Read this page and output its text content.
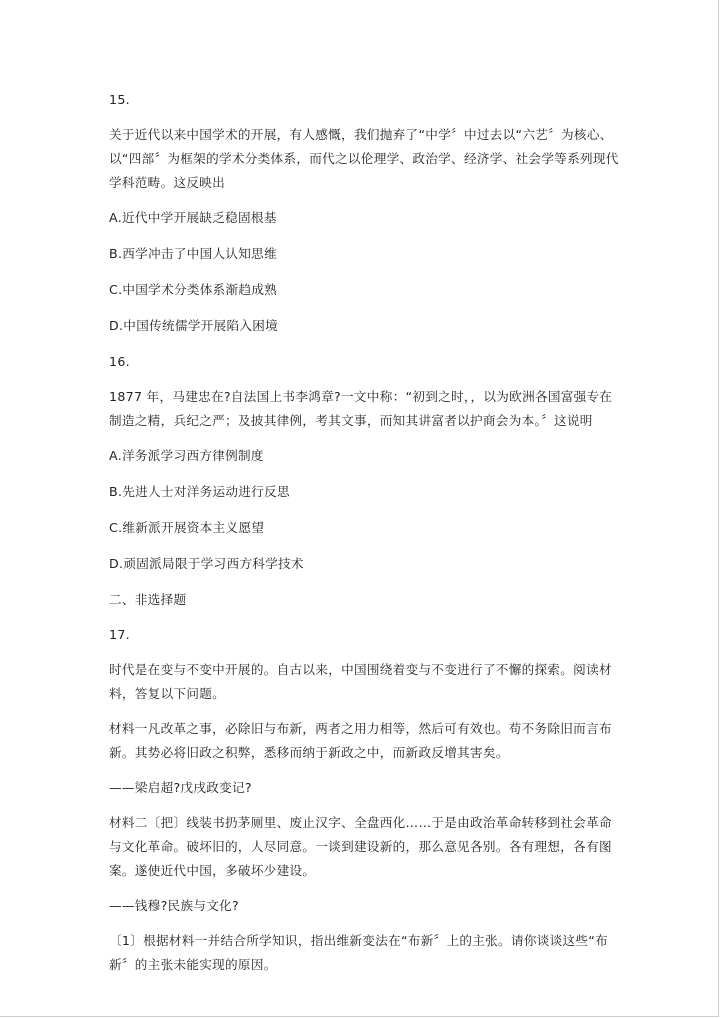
15.

关于近代以来中国学术的开展，有人感慨，我们抛弃了“中学〞中过去以“六艺〞为核心、以“四部〞为框架的学术分类体系，而代之以伦理学、政治学、经济学、社会学等系列现代学科范畴。这反映出

A.近代中学开展缺乏稳固根基

B.西学冲击了中国人认知思维

C.中国学术分类体系渐趋成熟

D.中国传统儒学开展陷入困境

16.

1877 年，马建忠在?自法国上书李鸿章?一文中称：“初到之时，，以为欧洲各国富强专在制造之精，兵纪之严；及披其律例，考其文事，而知其讲富者以护商会为本。〞这说明

A.洋务派学习西方律例制度

B.先进人士对洋务运动进行反思

C.维新派开展资本主义愿望

D.顽固派局限于学习西方科学技术

二、非选择题

17.

时代是在变与不变中开展的。自古以来，中国围绕着变与不变进行了不懈的探索。阅读材料，答复以下问题。

材料一凡改革之事，必除旧与布新，两者之用力相等，然后可有效也。苟不务除旧而言布新。其势必将旧政之积弊，悉移而纳于新政之中，而新政反增其害矣。

——梁启超?戊戌政变记?

材料二〔把〕线装书扔茅厕里、废止汉字、全盘西化……于是由政治革命转移到社会革命与文化革命。破坏旧的，人尽同意。一谈到建设新的，那么意见各别。各有理想，各有图案。遂使近代中国，多破坏少建设。

——钱穆?民族与文化?

〔1〕根据材料一并结合所学知识，指出维新变法在“布新〞上的主张。请你谈谈这些“布新〞的主张未能实现的原因。
